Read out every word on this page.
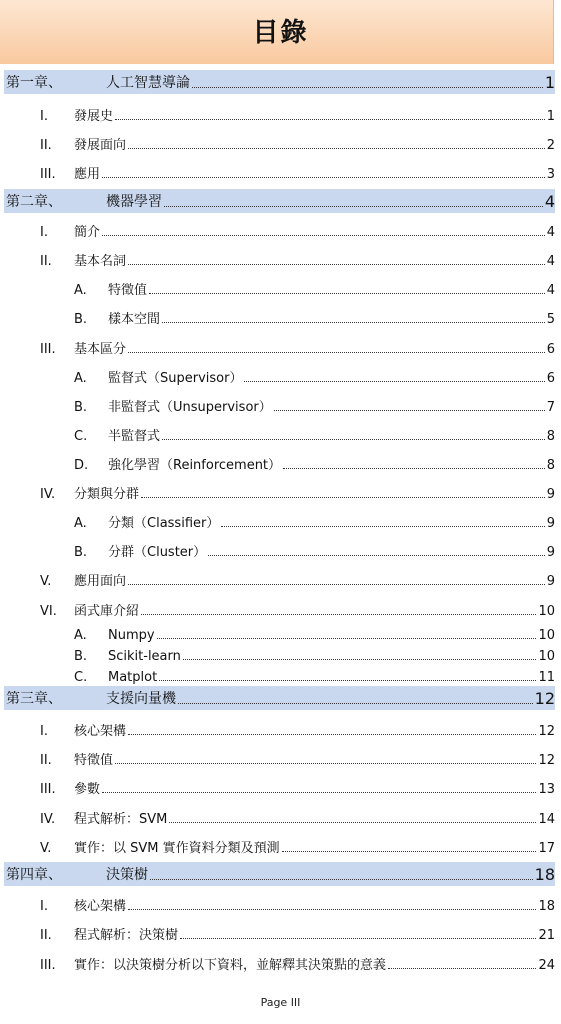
目錄
第一章、	人工智慧導論	1
I.	發展史	1
II.	發展面向	2
III.	應用	3
第二章、	機器學習	4
I.	簡介	4
II.	基本名詞	4
A.	特徵值	4
B.	樣本空間	5
III.	基本區分	6
A.	監督式（Supervisor）	6
B.	非監督式（Unsupervisor）	7
C.	半監督式	8
D.	強化學習（Reinforcement）	8
IV.	分類與分群	9
A.	分類（Classifier）	9
B.	分群（Cluster）	9
V.	應用面向	9
VI.	函式庫介紹	10
A.	Numpy	10
B.	Scikit-learn	10
C.	Matplot	11
第三章、	支援向量機	12
I.	核心架構	12
II.	特徵值	12
III.	參數	13
IV.	程式解析：SVM	14
V.	實作：以 SVM 實作資料分類及預測	17
第四章、	決策樹	18
I.	核心架構	18
II.	程式解析：決策樹	21
III.	實作：以決策樹分析以下資料，並解釋其決策點的意義	24
Page III
